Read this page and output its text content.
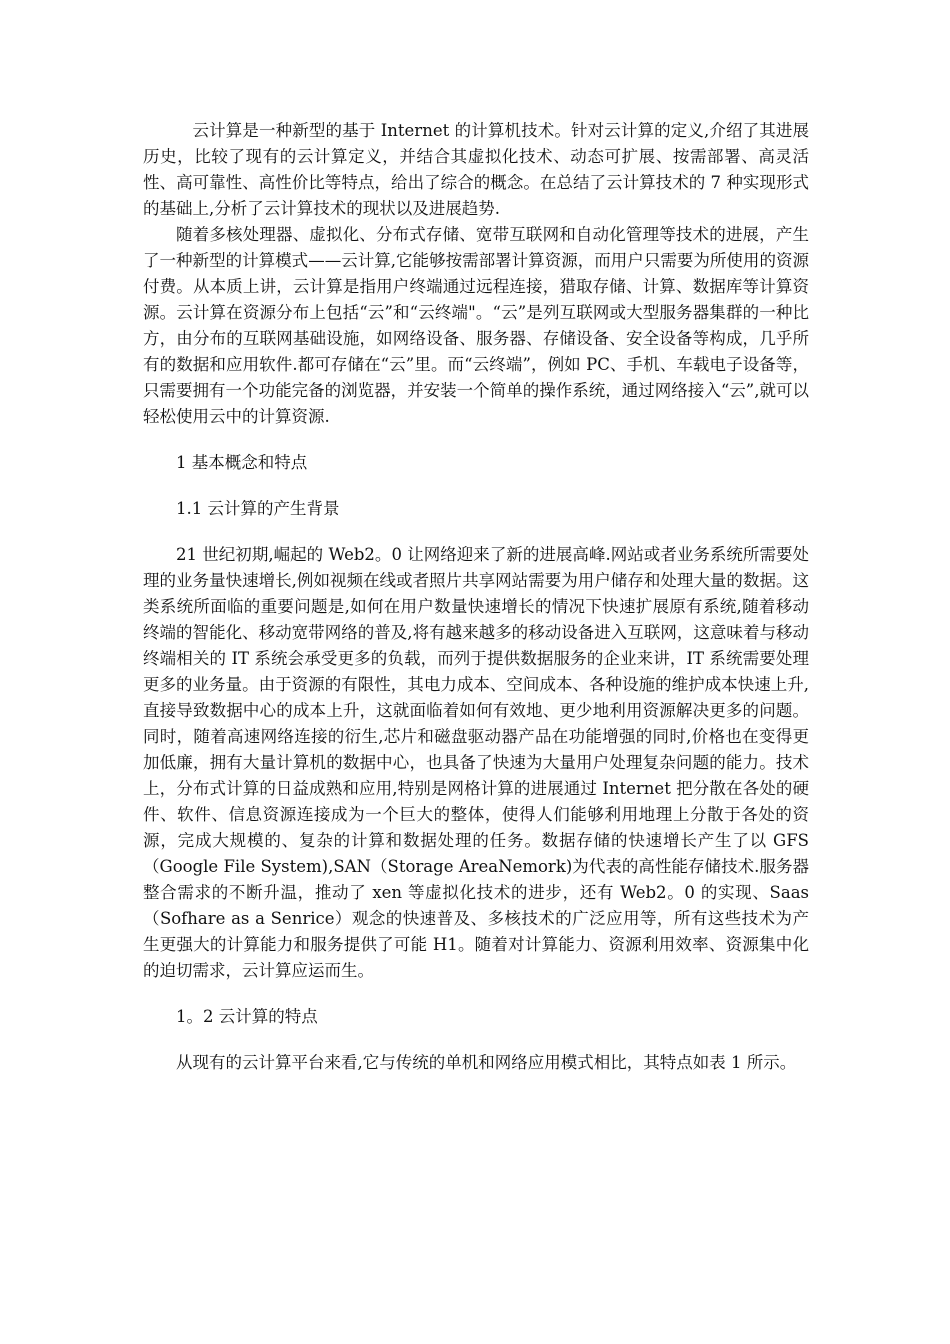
云计算是一种新型的基于 Internet 的计算机技术。针对云计算的定义,介绍了其进展历史，比较了现有的云计算定义，并结合其虚拟化技术、动态可扩展、按需部署、高灵活性、高可靠性、高性价比等特点，给出了综合的概念。在总结了云计算技术的 7 种实现形式的基础上,分析了云计算技术的现状以及进展趋势.

随着多核处理器、虚拟化、分布式存储、宽带互联网和自动化管理等技术的进展，产生了一种新型的计算模式——云计算,它能够按需部署计算资源，而用户只需要为所使用的资源付费。从本质上讲，云计算是指用户终端通过远程连接，猎取存储、计算、数据库等计算资源。云计算在资源分布上包括“云”和“云终端"。“云”是列互联网或大型服务器集群的一种比方，由分布的互联网基础设施，如网络设备、服务器、存储设备、安全设备等构成，几乎所有的数据和应用软件.都可存储在“云”里。而“云终端”，例如 PC、手机、车载电子设备等，只需要拥有一个功能完备的浏览器，并安装一个简单的操作系统，通过网络接入“云”,就可以轻松使用云中的计算资源.

1 基本概念和特点

1.1 云计算的产生背景

21 世纪初期,崛起的 Web2。0 让网络迎来了新的进展高峰.网站或者业务系统所需要处理的业务量快速增长,例如视频在线或者照片共享网站需要为用户储存和处理大量的数据。这类系统所面临的重要问题是,如何在用户数量快速增长的情况下快速扩展原有系统,随着移动终端的智能化、移动宽带网络的普及,将有越来越多的移动设备进入互联网，这意味着与移动终端相关的 IT 系统会承受更多的负载，而列于提供数据服务的企业来讲，IT 系统需要处理更多的业务量。由于资源的有限性，其电力成本、空间成本、各种设施的维护成本快速上升,直接导致数据中心的成本上升，这就面临着如何有效地、更少地利用资源解决更多的问题。同时，随着高速网络连接的衍生,芯片和磁盘驱动器产品在功能增强的同时,价格也在变得更加低廉，拥有大量计算机的数据中心，也具备了快速为大量用户处理复杂问题的能力。技术上，分布式计算的日益成熟和应用,特别是网格计算的进展通过 Internet 把分散在各处的硬件、软件、信息资源连接成为一个巨大的整体，使得人们能够利用地理上分散于各处的资源，完成大规模的、复杂的计算和数据处理的任务。数据存储的快速增长产生了以 GFS（Google File System),SAN（Storage AreaNemork)为代表的高性能存储技术.服务器整合需求的不断升温，推动了 xen 等虚拟化技术的进步，还有 Web2。0 的实现、Saas（Sofhare as a Senrice）观念的快速普及、多核技术的广泛应用等，所有这些技术为产生更强大的计算能力和服务提供了可能 H1。随着对计算能力、资源利用效率、资源集中化的迫切需求，云计算应运而生。

1。2 云计算的特点

从现有的云计算平台来看,它与传统的单机和网络应用模式相比，其特点如表 1 所示。
